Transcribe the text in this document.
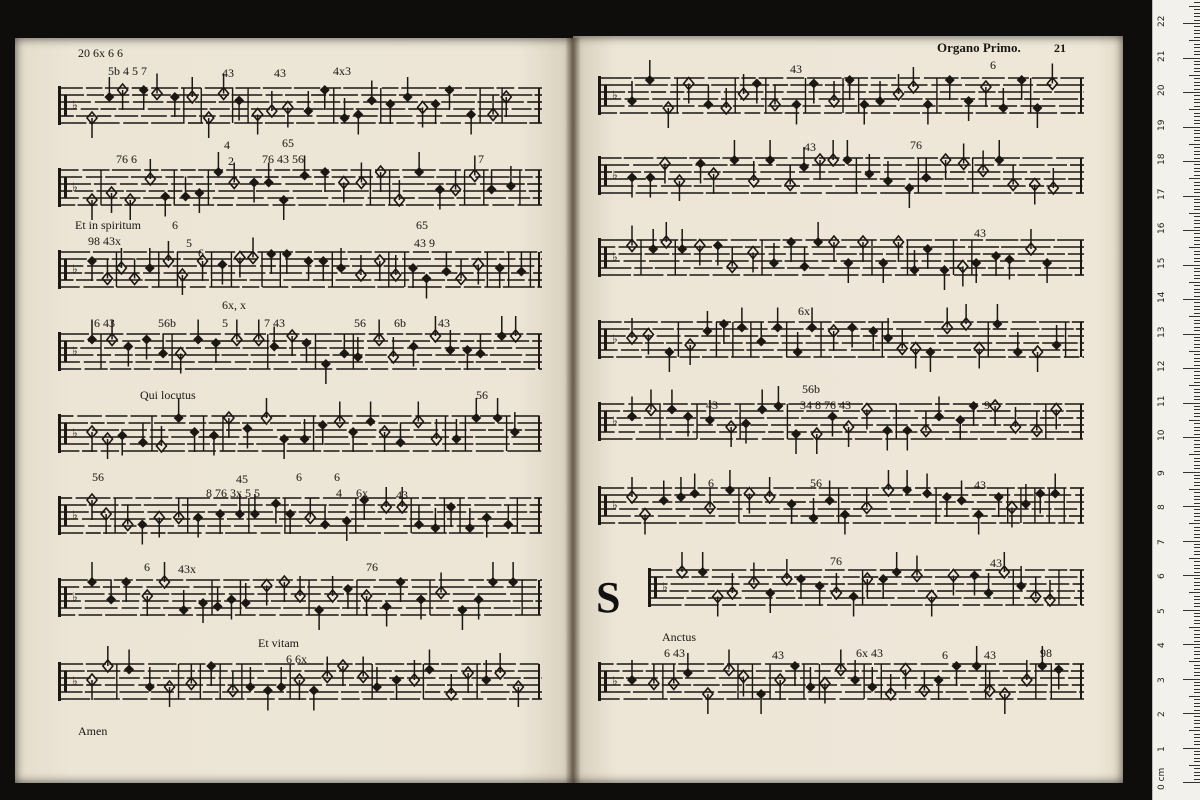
♭
♭
♭
♭
♭
♭
♭
♭
♭
♭
♭
♭
♭
♭
♭
♭
Organo Primo.	21
20 6x 6 6
5b 4 5 7	43	43	4x3
4	65
76 6	2 76 43 56	7
Et in spiritum	6
98 43x	5
6
65
43 9
6x, x
6 43	56b	5	7 43	56 6b	43
Qui locutus	56
56	45	6	6
8 76 3x 5 5	4 6x 43
6 43x	76
Et vitam
6 6x
Amen
43	6
43	76
43
6x
56b
43	34 8 76 43	9
6	56	43
76	43
S
Anctus
6 43	43	6x 43	6	43	98
0 cm
1
2
3
4
5
6
7
8
9
10
11
12
13
14
15
16
17
18
19
20
21
22
